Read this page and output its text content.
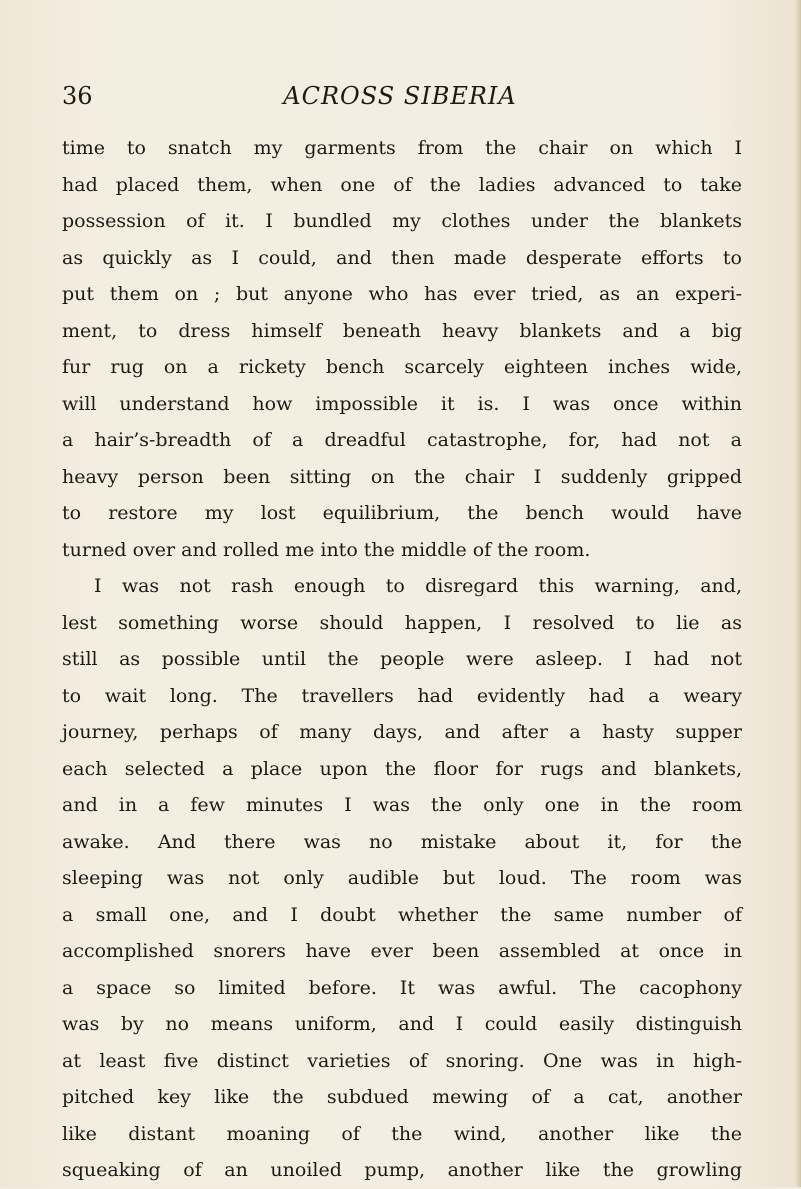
36	ACROSS SIBERIA
time to snatch my garments from the chair on which I
had placed them, when one of the ladies advanced to take
possession of it. I bundled my clothes under the blankets
as quickly as I could, and then made desperate efforts to
put them on ; but anyone who has ever tried, as an experi-
ment, to dress himself beneath heavy blankets and a big
fur rug on a rickety bench scarcely eighteen inches wide,
will understand how impossible it is. I was once within
a hair’s-breadth of a dreadful catastrophe, for, had not a
heavy person been sitting on the chair I suddenly gripped
to restore my lost equilibrium, the bench would have
turned over and rolled me into the middle of the room.
I was not rash enough to disregard this warning, and,
lest something worse should happen, I resolved to lie as
still as possible until the people were asleep. I had not
to wait long. The travellers had evidently had a weary
journey, perhaps of many days, and after a hasty supper
each selected a place upon the floor for rugs and blankets,
and in a few minutes I was the only one in the room
awake. And there was no mistake about it, for the
sleeping was not only audible but loud. The room was
a small one, and I doubt whether the same number of
accomplished snorers have ever been assembled at once in
a space so limited before. It was awful. The cacophony
was by no means uniform, and I could easily distinguish
at least five distinct varieties of snoring. One was in high-
pitched key like the subdued mewing of a cat, another
like distant moaning of the wind, another like the
squeaking of an unoiled pump, another like the growling
